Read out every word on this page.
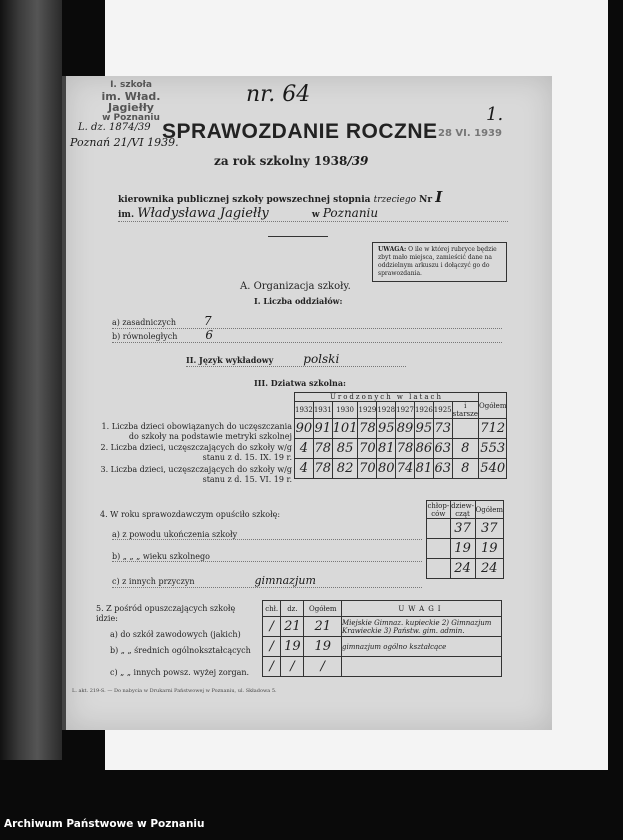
I. szkoła
im. Wład. Jagiełły
w Poznaniu
L. dz. 1874/39
Poznań 21/VI 1939.
nr. 64
1.
28 VI. 1939
SPRAWOZDANIE ROCZNE
za rok szkolny 1938/39
kierownika publicznej szkoły powszechnej stopnia trzeciego Nr I
im. Władysława Jagiełły	w Poznaniu
UWAGA: O ile w której rubryce będzie zbyt mało miejsca, zamieścić dane na oddzielnym arkuszu i dołączyć go do sprawozdania.
A. Organizacja szkoły.
I. Liczba oddziałów:
a) zasadniczych 7
b) równoległych 6
II. Język wykładowy	polski
III. Dziatwa szkolna:
1. Liczba dzieci obowiązanych do uczęszczania do szkoły na podstawie metryki szkolnej
2. Liczba dzieci, uczęszczających do szkoły w/g stanu z d. 15. IX. 19 r.
3. Liczba dzieci, uczęszczających do szkoły w/g stanu z d. 15. VI. 19 r.
Urodzonych w latach									Ogółem
1932	1931	1930	1929	1928	1927	1926	1925	i starsze	
90	91	101	78	95	89	95	73		712
4	78	85	70	81	78	86	63	8	553
4	78	82	70	80	74	81	63	8	540
4. W roku sprawozdawczym opuściło szkołę:
a) z powodu ukończenia szkoły
b) „ „ „ wieku szkolnego
c) z innych przyczyn	gimnazjum
chłop-ców	dziew-cząt	Ogółem
	37	37
	19	19
	24	24
5. Z pośród opuszczających szkołę idzie:
a) do szkół zawodowych (jakich)
b) „ „ średnich ogólnokształcących
c) „ „ innych powsz. wyżej zorgan.
chł.	dz.	Ogółem	UWAGI
/	21	21	Miejskie Gimnaz. kupieckie 2) Gimnazjum Krawieckie 3) Państw. gim. admin.
/	19	19	gimnazjum ogólno kształcące
/	/	/	
L. akt. 219-S. — Do nabycia w Drukarni Państwowej w Poznaniu, ul. Składowa 5.
Archiwum Państwowe w Poznaniu
